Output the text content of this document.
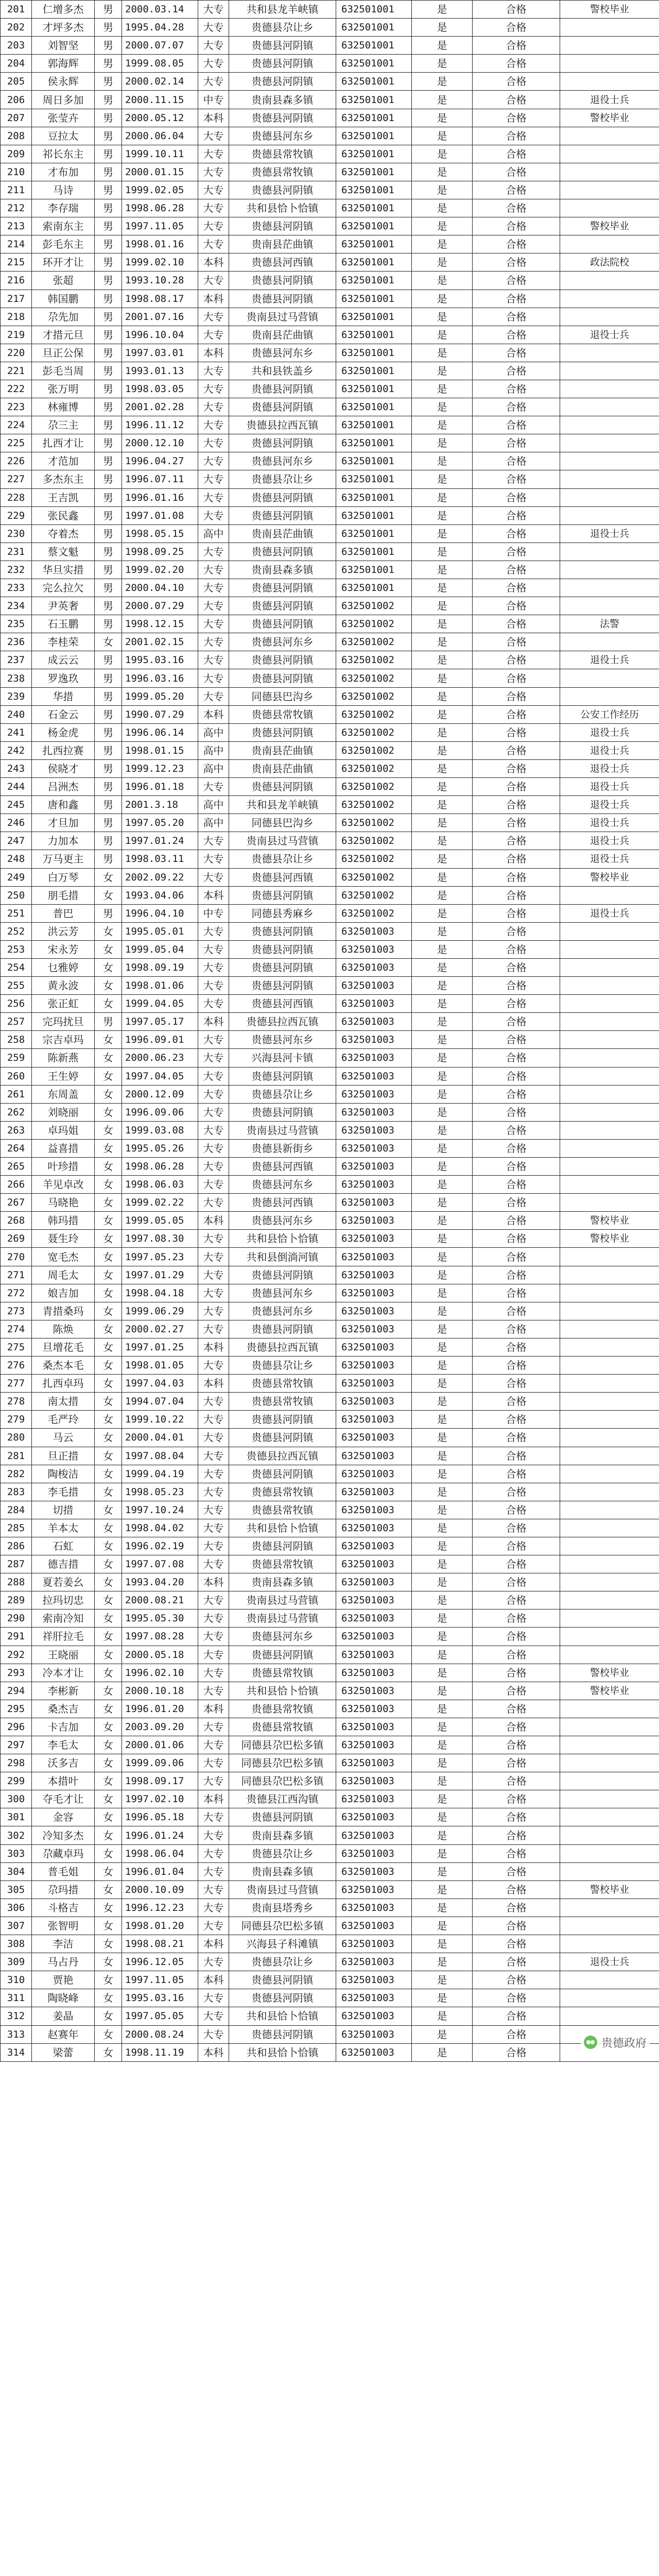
201	仁增多杰	男	2000.03.14	大专	共和县龙羊峡镇	632501001	是	合格	警校毕业
202	才坪多杰	男	1995.04.28	大专	贵德县尕让乡	632501001	是	合格	
203	刘智坚	男	2000.07.07	大专	贵德县河阴镇	632501001	是	合格	
204	郭海辉	男	1999.08.05	大专	贵德县河阴镇	632501001	是	合格	
205	侯永辉	男	2000.02.14	大专	贵德县河阴镇	632501001	是	合格	
206	周日多加	男	2000.11.15	中专	贵南县森多镇	632501001	是	合格	退役士兵
207	张莹卉	男	2000.05.12	本科	贵德县河阴镇	632501001	是	合格	警校毕业
208	豆拉太	男	2000.06.04	大专	贵德县河东乡	632501001	是	合格	
209	祁长东主	男	1999.10.11	大专	贵德县常牧镇	632501001	是	合格	
210	才布加	男	2000.01.15	大专	贵德县常牧镇	632501001	是	合格	
211	马诗	男	1999.02.05	大专	贵德县河阴镇	632501001	是	合格	
212	李存瑞	男	1998.06.28	大专	共和县恰卜恰镇	632501001	是	合格	
213	索南东主	男	1997.11.05	大专	贵德县河阴镇	632501001	是	合格	警校毕业
214	彭毛东主	男	1998.01.16	大专	贵南县茫曲镇	632501001	是	合格	
215	环开才让	男	1999.02.10	本科	贵德县河西镇	632501001	是	合格	政法院校
216	张超	男	1993.10.28	大专	贵德县河阴镇	632501001	是	合格	
217	韩国鹏	男	1998.08.17	本科	贵德县河阴镇	632501001	是	合格	
218	尕先加	男	2001.07.16	大专	贵南县过马营镇	632501001	是	合格	
219	才措元旦	男	1996.10.04	大专	贵南县茫曲镇	632501001	是	合格	退役士兵
220	旦正公保	男	1997.03.01	本科	贵德县河东乡	632501001	是	合格	
221	彭毛当周	男	1993.01.13	大专	共和县铁盖乡	632501001	是	合格	
222	张万明	男	1998.03.05	大专	贵德县河阴镇	632501001	是	合格	
223	林雍博	男	2001.02.28	大专	贵德县河阴镇	632501001	是	合格	
224	尕三主	男	1996.11.12	大专	贵德县拉西瓦镇	632501001	是	合格	
225	扎西才让	男	2000.12.10	大专	贵德县河阴镇	632501001	是	合格	
226	才范加	男	1996.04.27	大专	贵德县河东乡	632501001	是	合格	
227	多杰东主	男	1996.07.11	大专	贵德县尕让乡	632501001	是	合格	
228	王吉凯	男	1996.01.16	大专	贵德县河阴镇	632501001	是	合格	
229	张民鑫	男	1997.01.08	大专	贵德县河阴镇	632501001	是	合格	
230	夺着杰	男	1998.05.15	高中	贵南县茫曲镇	632501001	是	合格	退役士兵
231	蔡文魁	男	1998.09.25	大专	贵德县河阴镇	632501001	是	合格	
232	华旦实措	男	1999.02.20	大专	贵南县森多镇	632501001	是	合格	
233	完么拉欠	男	2000.04.10	大专	贵德县河阴镇	632501001	是	合格	
234	尹英奢	男	2000.07.29	大专	贵德县河阴镇	632501002	是	合格	
235	石玉鹏	男	1998.12.15	大专	贵德县河阴镇	632501002	是	合格	法警
236	李桂荣	女	2001.02.15	大专	贵德县河东乡	632501002	是	合格	
237	成云云	男	1995.03.16	大专	贵德县河阴镇	632501002	是	合格	退役士兵
238	罗逸玖	男	1996.03.16	大专	贵德县河阴镇	632501002	是	合格	
239	华措	男	1999.05.20	大专	同德县巴沟乡	632501002	是	合格	
240	石金云	男	1990.07.29	本科	贵德县常牧镇	632501002	是	合格	公安工作经历
241	杨金虎	男	1996.06.14	高中	贵德县河阴镇	632501002	是	合格	退役士兵
242	扎西拉赛	男	1998.01.15	高中	贵南县茫曲镇	632501002	是	合格	退役士兵
243	侯晓才	男	1999.12.23	高中	贵南县茫曲镇	632501002	是	合格	退役士兵
244	吕洲杰	男	1996.01.18	大专	贵德县河阴镇	632501002	是	合格	退役士兵
245	唐和鑫	男	2001.3.18	高中	共和县龙羊峡镇	632501002	是	合格	退役士兵
246	才旦加	男	1997.05.20	高中	同德县巴沟乡	632501002	是	合格	退役士兵
247	力加本	男	1997.01.24	大专	贵南县过马营镇	632501002	是	合格	退役士兵
248	万马更主	男	1998.03.11	大专	贵德县尕让乡	632501002	是	合格	退役士兵
249	白万琴	女	2002.09.22	大专	贵德县河西镇	632501002	是	合格	警校毕业
250	朋毛措	女	1993.04.06	本科	贵德县河阴镇	632501002	是	合格	
251	普巴	男	1996.04.10	中专	同德县秀麻乡	632501002	是	合格	退役士兵
252	洪云芳	女	1995.05.01	大专	贵德县河阴镇	632501003	是	合格	
253	宋永芳	女	1999.05.04	大专	贵德县河阴镇	632501003	是	合格	
254	乜雅婷	女	1998.09.19	大专	贵德县河阴镇	632501003	是	合格	
255	黄永波	女	1998.01.06	大专	贵德县河阴镇	632501003	是	合格	
256	张正虹	女	1999.04.05	大专	贵德县河西镇	632501003	是	合格	
257	完玛扰旦	男	1997.05.17	本科	贵德县拉西瓦镇	632501003	是	合格	
258	宗吉卓玛	女	1996.09.01	大专	贵德县河东乡	632501003	是	合格	
259	陈新燕	女	2000.06.23	大专	兴海县河卡镇	632501003	是	合格	
260	王生婷	女	1997.04.05	大专	贵德县河阴镇	632501003	是	合格	
261	东周盖	女	2000.12.09	大专	贵德县尕让乡	632501003	是	合格	
262	刘晓丽	女	1996.09.06	大专	贵德县河阴镇	632501003	是	合格	
263	卓玛姐	女	1999.03.08	大专	贵南县过马营镇	632501003	是	合格	
264	益喜措	女	1995.05.26	大专	贵德县新街乡	632501003	是	合格	
265	叶珍措	女	1998.06.28	大专	贵德县河西镇	632501003	是	合格	
266	羊见卓改	女	1998.06.03	大专	贵德县河东乡	632501003	是	合格	
267	马晓艳	女	1999.02.22	大专	贵德县河西镇	632501003	是	合格	
268	韩玛措	女	1999.05.05	本科	贵德县河东乡	632501003	是	合格	警校毕业
269	聂生玲	女	1997.08.30	大专	共和县恰卜恰镇	632501003	是	合格	警校毕业
270	宽毛杰	女	1997.05.23	大专	共和县倒淌河镇	632501003	是	合格	
271	周毛太	女	1997.01.29	大专	贵德县河阴镇	632501003	是	合格	
272	娘吉加	女	1998.04.18	大专	贵德县河东乡	632501003	是	合格	
273	青措桑玛	女	1999.06.29	大专	贵德县河东乡	632501003	是	合格	
274	陈焕	女	2000.02.27	大专	贵德县河阴镇	632501003	是	合格	
275	旦增花毛	女	1997.01.25	本科	贵德县拉西瓦镇	632501003	是	合格	
276	桑杰本毛	女	1998.01.05	大专	贵德县尕让乡	632501003	是	合格	
277	扎西卓玛	女	1997.04.03	本科	贵德县常牧镇	632501003	是	合格	
278	南太措	女	1994.07.04	大专	贵德县常牧镇	632501003	是	合格	
279	毛严玲	女	1999.10.22	大专	贵德县河阴镇	632501003	是	合格	
280	马云	女	2000.04.01	大专	贵德县河阴镇	632501003	是	合格	
281	旦正措	女	1997.08.04	大专	贵德县拉西瓦镇	632501003	是	合格	
282	陶梭洁	女	1999.04.19	大专	贵德县河阴镇	632501003	是	合格	
283	李毛措	女	1998.05.23	大专	贵德县常牧镇	632501003	是	合格	
284	切措	女	1997.10.24	大专	贵德县常牧镇	632501003	是	合格	
285	羊本太	女	1998.04.02	大专	共和县恰卜恰镇	632501003	是	合格	
286	石虹	女	1996.02.19	大专	贵德县河阴镇	632501003	是	合格	
287	德吉措	女	1997.07.08	大专	贵德县常牧镇	632501003	是	合格	
288	夏若姜幺	女	1993.04.20	本科	贵南县森多镇	632501003	是	合格	
289	拉玛切忠	女	2000.08.21	大专	贵南县过马营镇	632501003	是	合格	
290	索南冷知	女	1995.05.30	大专	贵南县过马营镇	632501003	是	合格	
291	祥肝拉毛	女	1997.08.28	大专	贵德县河东乡	632501003	是	合格	
292	王晓丽	女	2000.05.18	大专	贵德县河阴镇	632501003	是	合格	
293	冷本才让	女	1996.02.10	大专	贵德县常牧镇	632501003	是	合格	警校毕业
294	李彬新	女	2000.10.18	大专	共和县恰卜恰镇	632501003	是	合格	警校毕业
295	桑杰吉	女	1996.01.20	本科	贵德县常牧镇	632501003	是	合格	
296	卡吉加	女	2003.09.20	大专	贵德县常牧镇	632501003	是	合格	
297	李毛太	女	2000.01.06	大专	同德县尕巴松多镇	632501003	是	合格	
298	沃多吉	女	1999.09.06	大专	同德县尕巴松多镇	632501003	是	合格	
299	本措叶	女	1998.09.17	大专	同德县尕巴松多镇	632501003	是	合格	
300	夺毛才让	女	1997.02.10	本科	贵德县江西沟镇	632501003	是	合格	
301	金容	女	1996.05.18	大专	贵德县河阴镇	632501003	是	合格	
302	冷知多杰	女	1996.01.24	大专	贵南县森多镇	632501003	是	合格	
303	尕藏卓玛	女	1998.06.04	大专	贵德县尕让乡	632501003	是	合格	
304	普毛姐	女	1996.01.04	大专	贵南县森多镇	632501003	是	合格	
305	尕玛措	女	2000.10.09	大专	贵南县过马营镇	632501003	是	合格	警校毕业
306	斗格吉	女	1996.12.23	大专	贵南县塔秀乡	632501003	是	合格	
307	张智明	女	1998.01.20	大专	同德县尕巴松多镇	632501003	是	合格	
308	李洁	女	1998.08.21	本科	兴海县子科滩镇	632501003	是	合格	
309	马占丹	女	1996.12.05	大专	贵德县尕让乡	632501003	是	合格	退役士兵
310	贾艳	女	1997.11.05	本科	贵德县河阴镇	632501003	是	合格	
311	陶晓峰	女	1995.03.16	大专	贵德县河阴镇	632501003	是	合格	
312	姜晶	女	1997.05.05	大专	共和县恰卜恰镇	632501003	是	合格	
313	赵赛年	女	2000.08.24	大专	贵德县河阴镇	632501003	是	合格	
314	梁蕾	女	1998.11.19	本科	共和县恰卜恰镇	632501003	是	合格	
贵德政府
